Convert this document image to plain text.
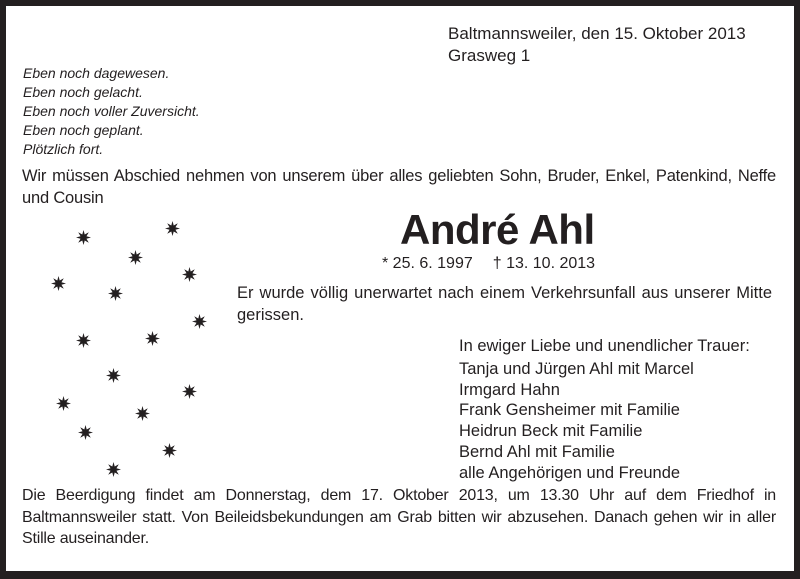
Baltmannsweiler, den 15. Oktober 2013
Grasweg 1
Eben noch dagewesen.
Eben noch gelacht.
Eben noch voller Zuversicht.
Eben noch geplant.
Plötzlich fort.
Wir müssen Abschied nehmen von unserem über alles geliebten Sohn, Bruder, Enkel, Patenkind, Neffe und Cousin
André Ahl
* 25. 6. 1997 † 13. 10. 2013
Er wurde völlig unerwartet nach einem Verkehrsunfall aus unserer Mitte gerissen.
In ewiger Liebe und unendlicher Trauer:
Tanja und Jürgen Ahl mit Marcel
Irmgard Hahn
Frank Gensheimer mit Familie
Heidrun Beck mit Familie
Bernd Ahl mit Familie
alle Angehörigen und Freunde
Die Beerdigung findet am Donnerstag, dem 17. Oktober 2013, um 13.30 Uhr auf dem Friedhof in Baltmannsweiler statt. Von Beileidsbekundungen am Grab bitten wir abzusehen. Danach gehen wir in aller Stille auseinander.
